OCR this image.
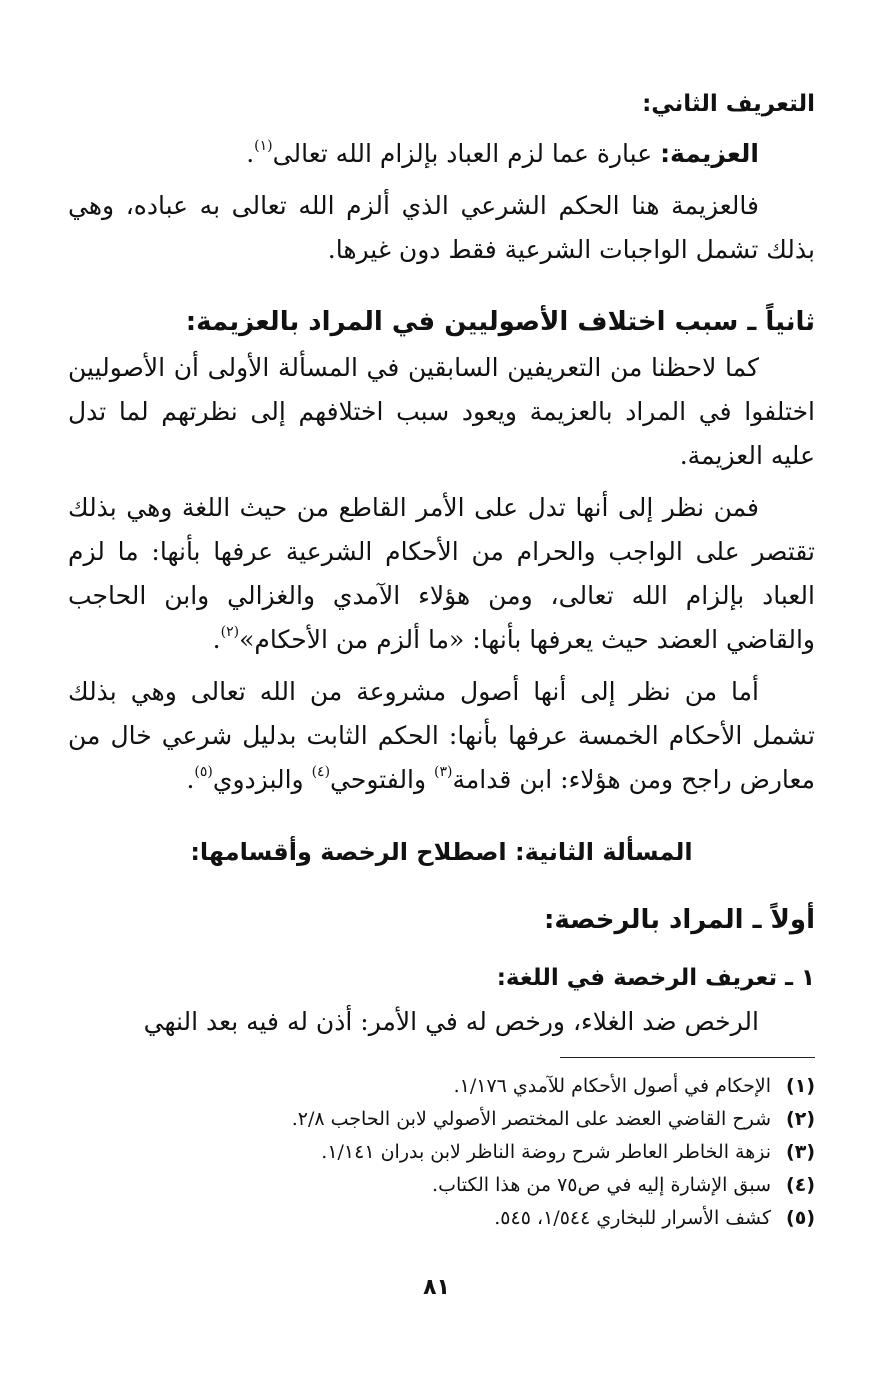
التعريف الثاني:

العزيمة: عبارة عما لزم العباد بإلزام الله تعالى$^{(١)}$.

فالعزيمة هنا الحكم الشرعي الذي ألزم الله تعالى به عباده، وهي بذلك تشمل الواجبات الشرعية فقط دون غيرها.

ثانياً ـ سبب اختلاف الأصوليين في المراد بالعزيمة:

كما لاحظنا من التعريفين السابقين في المسألة الأولى أن الأصوليين اختلفوا في المراد بالعزيمة ويعود سبب اختلافهم إلى نظرتهم لما تدل عليه العزيمة.

فمن نظر إلى أنها تدل على الأمر القاطع من حيث اللغة وهي بذلك تقتصر على الواجب والحرام من الأحكام الشرعية عرفها بأنها: ما لزم العباد بإلزام الله تعالى، ومن هؤلاء الآمدي والغزالي وابن الحاجب والقاضي العضد حيث يعرفها بأنها: «ما ألزم من الأحكام»$^{(٢)}$.

أما من نظر إلى أنها أصول مشروعة من الله تعالى وهي بذلك تشمل الأحكام الخمسة عرفها بأنها: الحكم الثابت بدليل شرعي خال من معارض راجح ومن هؤلاء: ابن قدامة$^{(٣)}$ والفتوحي$^{(٤)}$ والبزدوي$^{(٥)}$.

المسألة الثانية: اصطلاح الرخصة وأقسامها:

أولاً ـ المراد بالرخصة:

١ ـ تعريف الرخصة في اللغة:

الرخص ضد الغلاء، ورخص له في الأمر: أذن له فيه بعد النهي

(١)الإحكام في أصول الأحكام للآمدي ١/١٧٦.

(٢)شرح القاضي العضد على المختصر الأصولي لابن الحاجب ٢/٨.

(٣)نزهة الخاطر العاطر شرح روضة الناظر لابن بدران ١/١٤١.

(٤)سبق الإشارة إليه في ص٧٥ من هذا الكتاب.

(٥)كشف الأسرار للبخاري ١/٥٤٤، ٥٤٥.

٨١
